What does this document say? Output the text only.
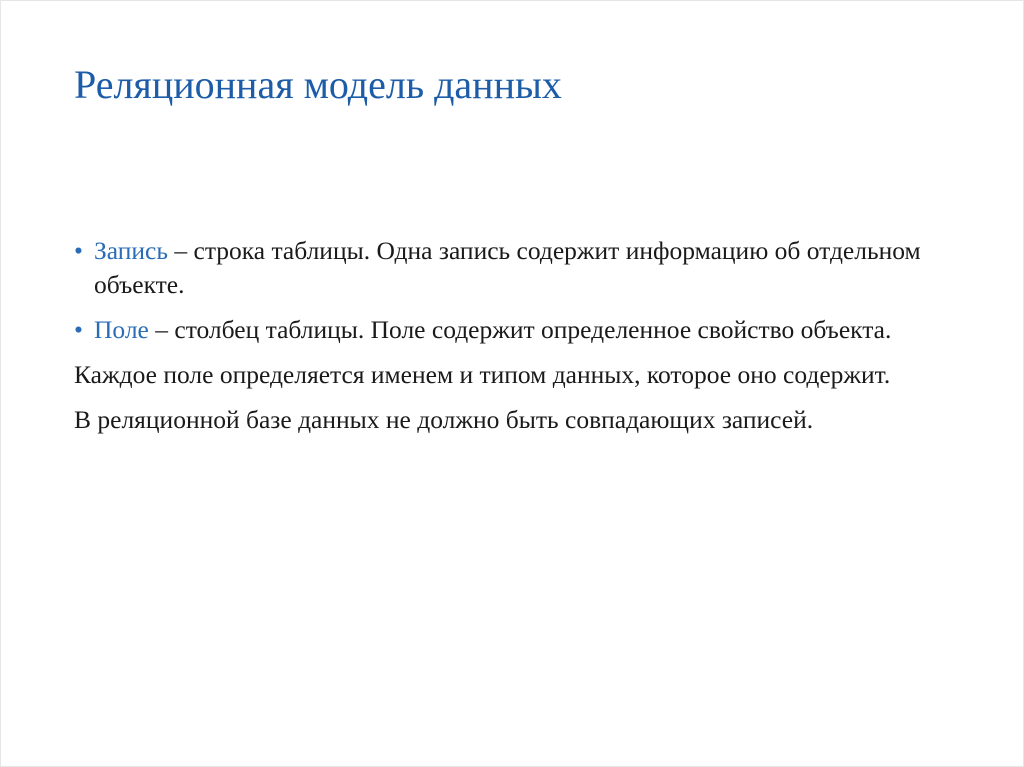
Реляционная модель данных
• Запись – строка таблицы. Одна запись содержит информацию об отдельном объекте.
• Поле – столбец таблицы. Поле содержит определенное свойство объекта.

Каждое поле определяется именем и типом данных, которое оно содержит.

В реляционной базе данных не должно быть совпадающих записей.
